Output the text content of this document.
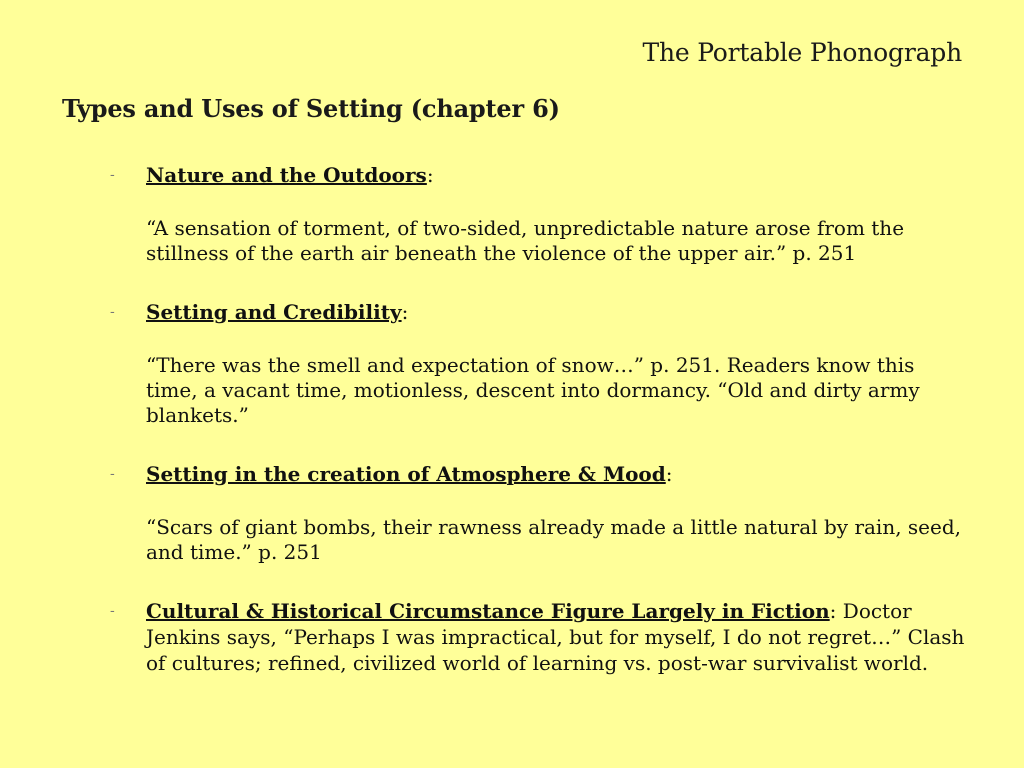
The Portable Phonograph
Types and Uses of Setting (chapter 6)
- Nature and the Outdoors:
“A sensation of torment, of two-sided, unpredictable nature arose from the stillness of the earth air beneath the violence of the upper air.” p. 251
- Setting and Credibility:
“There was the smell and expectation of snow…” p. 251. Readers know this time, a vacant time, motionless, descent into dormancy. “Old and dirty army blankets.”
- Setting in the creation of Atmosphere & Mood:
“Scars of giant bombs, their rawness already made a little natural by rain, seed, and time.” p. 251
- Cultural & Historical Circumstance Figure Largely in Fiction: Doctor Jenkins says, “Perhaps I was impractical, but for myself, I do not regret…” Clash of cultures; refined, civilized world of learning vs. post-war survivalist world.
